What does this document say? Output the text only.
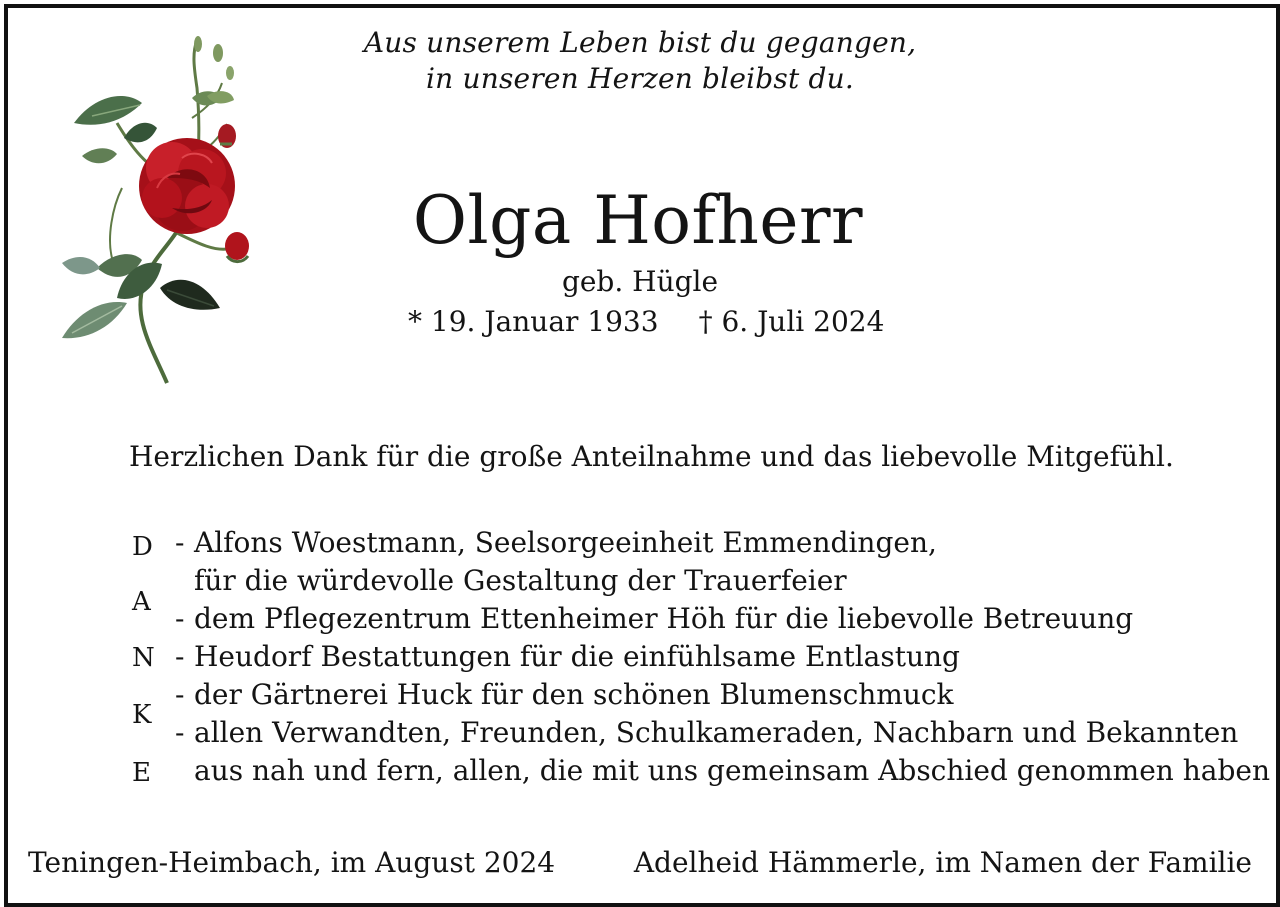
Aus unserem Leben bist du gegangen,

in unseren Herzen bleibst du.

Olga Hofherr

geb. Hügle

* 19. Januar 1933 † 6. Juli 2024

Herzlichen Dank für die große Anteilnahme und das liebevolle Mitgefühl.

D
A
N
K
E
- Alfons Woestmann, Seelsorgeeinheit Emmendingen,
für die würdevolle Gestaltung der Trauerfeier
- dem Pflegezentrum Ettenheimer Höh für die liebevolle Betreuung
- Heudorf Bestattungen für die einfühlsame Entlastung
- der Gärtnerei Huck für den schönen Blumenschmuck
- allen Verwandten, Freunden, Schulkameraden, Nachbarn und Bekannten
aus nah und fern, allen, die mit uns gemeinsam Abschied genommen haben

Teningen-Heimbach, im August 2024	Adelheid Hämmerle, im Namen der Familie
